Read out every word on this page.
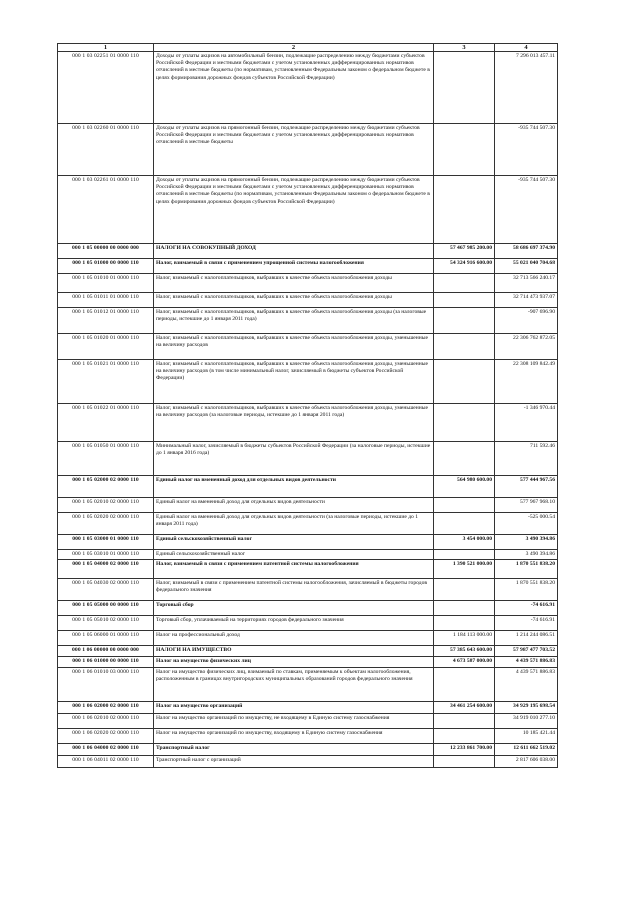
1	2	3	4
000 1 03 02251 01 0000 110	Доходы от уплаты акцизов на автомобильный бензин, подлежащие распределению между бюджетами субъектов Российской Федерации и местными бюджетами с учетом установленных дифференцированных нормативов отчислений в местные бюджеты (по нормативам, установленным Федеральным законом о федеральном бюджете в целях формирования дорожных фондов субъектов Российской Федерации)		7 296 013 457.11
000 1 03 02260 01 0000 110	Доходы от уплаты акцизов на прямогонный бензин, подлежащие распределению между бюджетами субъектов Российской Федерации и местными бюджетами с учетом установленных дифференцированных нормативов отчислений в местные бюджеты		-935 744 507.30
000 1 03 02261 01 0000 110	Доходы от уплаты акцизов на прямогонный бензин, подлежащие распределению между бюджетами субъектов Российской Федерации и местными бюджетами с учетом установленных дифференцированных нормативов отчислений в местные бюджеты (по нормативам, установленным Федеральным законом о федеральном бюджете в целях формирования дорожных фондов субъектов Российской Федерации)		-935 744 507.30
000 1 05 00000 00 0000 000	НАЛОГИ НА СОВОКУПНЫЙ ДОХОД	57 467 985 200.00	58 686 697 374.90
000 1 05 01000 00 0000 110	Налог, взимаемый в связи с применением упрощенной системы налогообложения	54 324 916 600.00	55 021 040 704.68
000 1 05 01010 01 0000 110	Налог, взимаемый с налогоплательщиков, выбравших в качестве объекта налогообложения доходы		32 713 566 240.17
000 1 05 01011 01 0000 110	Налог, взимаемый с налогоплательщиков, выбравших в качестве объекта налогообложения доходы		32 714 473 937.07
000 1 05 01012 01 0000 110	Налог, взимаемый с налогоплательщиков, выбравших в качестве объекта налогообложения доходы (за налоговые периоды, истекшие до 1 января 2011 года)		-907 696.90
000 1 05 01020 01 0000 110	Налог, взимаемый с налогоплательщиков, выбравших в качестве объекта налогообложения доходы, уменьшенные на величину расходов		22 306 762 872.05
000 1 05 01021 01 0000 110	Налог, взимаемый с налогоплательщиков, выбравших в качестве объекта налогообложения доходы, уменьшенные на величину расходов (в том числе минимальный налог, зачисляемый в бюджеты субъектов Российской Федерации)		22 308 109 842.49
000 1 05 01022 01 0000 110	Налог, взимаемый с налогоплательщиков, выбравших в качестве объекта налогообложения доходы, уменьшенные на величину расходов (за налоговые периоды, истекшие до 1 января 2011 года)		-1 346 970.44
000 1 05 01050 01 0000 110	Минимальный налог, зачисляемый в бюджеты субъектов Российской Федерации (за налоговые периоды, истекшие до 1 января 2016 года)		711 592.46
000 1 05 02000 02 0000 110	Единый налог на вмененный доход для отдельных видов деятельности	564 980 600.00	577 444 967.56
000 1 05 02010 02 0000 110	Единый налог на вмененный доход для отдельных видов деятельности		577 967 968.10
000 1 05 02020 02 0000 110	Единый налог на вмененный доход для отдельных видов деятельности (за налоговые периоды, истекшие до 1 января 2011 года)		-525 000.54
000 1 05 03000 01 0000 110	Единый сельскохозяйственный налог	3 454 000.00	3 490 394.86
000 1 05 03010 01 0000 110	Единый сельскохозяйственный налог		3 490 394.86
000 1 05 04000 02 0000 110	Налог, взимаемый в связи с применением патентной системы налогообложения	1 390 521 000.00	1 870 551 838.20
000 1 05 04030 02 0000 110	Налог, взимаемый в связи с применением патентной системы налогообложения, зачисляемый в бюджеты городов федерального значения		1 870 551 838.20
000 1 05 05000 00 0000 110	Торговый сбор		-74 616.91
000 1 05 05010 02 0000 110	Торговый сбор, уплачиваемый на территориях городов федерального значения		-74 616.91
000 1 05 06000 01 0000 110	Налог на профессиональный доход	1 184 113 000.00	1 214 244 086.51
000 1 06 00000 00 0000 000	НАЛОГИ НА ИМУЩЕСТВО	57 385 643 600.00	57 987 477 703.52
000 1 06 01000 00 0000 110	Налог на имущество физических лиц	4 673 587 000.00	4 439 571 886.83
000 1 06 01010 03 0000 110	Налог на имущество физических лиц, взимаемый по ставкам, применяемым к объектам налогообложения, расположенным в границах внутригородских муниципальных образований городов федерального значения		4 439 571 886.83
000 1 06 02000 02 0000 110	Налог на имущество организаций	34 461 254 600.00	34 929 195 698.54
000 1 06 02010 02 0000 110	Налог на имущество организаций по имуществу, не входящему в Единую систему газоснабжения		34 919 010 277.10
000 1 06 02020 02 0000 110	Налог на имущество организаций по имуществу, входящему в Единую систему газоснабжения		10 185 421.44
000 1 06 04000 02 0000 110	Транспортный налог	12 233 861 700.00	12 611 662 519.02
000 1 06 04011 02 0000 110	Транспортный налог с организаций		2 817 606 038.00
